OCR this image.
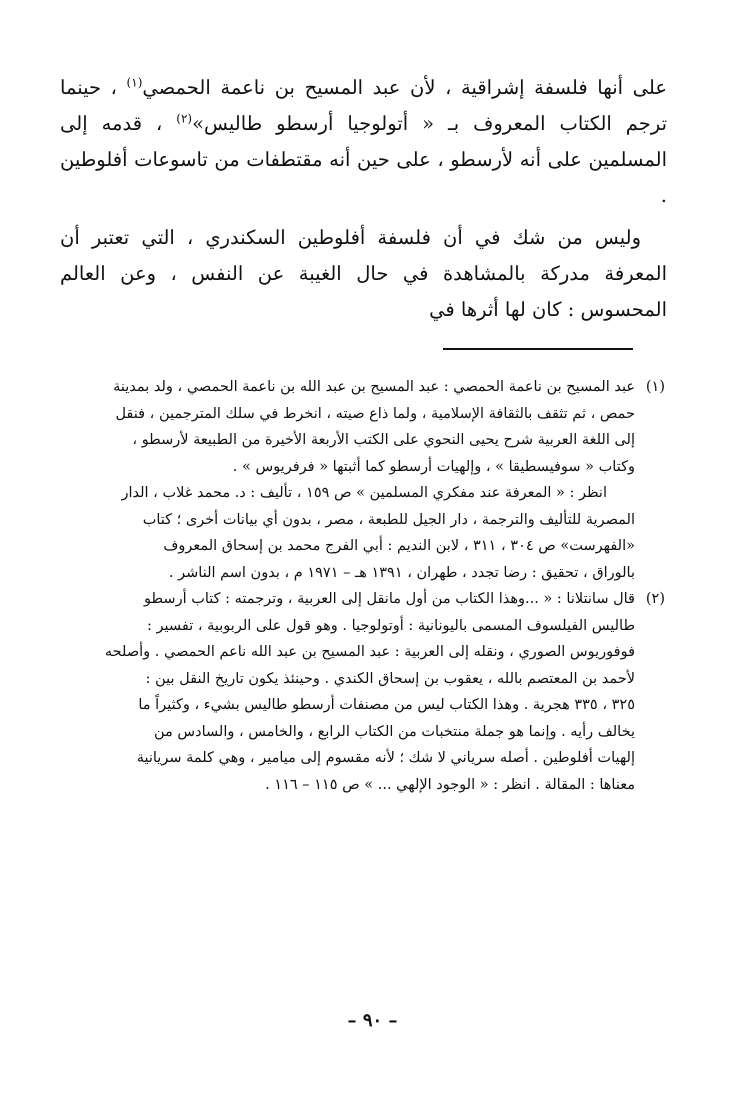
على أنها فلسفة إشراقية ، لأن عبد المسيح بن ناعمة الحمصي$^{(١)}$ ، حينما ترجم الكتاب المعروف بـ « أتولوجيا أرسطو طاليس»$^{(٢)}$ ، قدمه إلى المسلمين على أنه لأرسطو ، على حين أنه مقتطفات من تاسوعات أفلوطين .

وليس من شك في أن فلسفة أفلوطين السكندري ، التي تعتبر أن المعرفة مدركة بالمشاهدة في حال الغيبة عن النفس ، وعن العالم المحسوس : كان لها أثرها في

(١)
عبد المسيح بن ناعمة الحمصي : عبد المسيح بن عبد الله بن ناعمة الحمصي ، ولد بمدينة
حمص ، ثم تثقف بالثقافة الإسلامية ، ولما ذاع صيته ، انخرط في سلك المترجمين ، فنقل
إلى اللغة العربية شرح يحيى النحوي على الكتب الأربعة الأخيرة من الطبيعة لأرسطو ،
وكتاب « سوفيسطيقا » ، وإلهيات أرسطو كما أثبتها « فرفريوس » .
انظر : « المعرفة عند مفكري المسلمين » ص ١٥٩ ، تأليف : د. محمد غلاب ، الدار
المصرية للتأليف والترجمة ، دار الجيل للطبعة ، مصر ، بدون أي بيانات أخرى ؛ كتاب
«الفهرست» ص ٣٠٤ ، ٣١١ ، لابن النديم : أبي الفرج محمد بن إسحاق المعروف
بالوراق ، تحقيق : رضا تجدد ، طهران ، ١٣٩١ هـ – ١٩٧١ م ، بدون اسم الناشر .
(٢)
قال سانتلانا : « ...وهذا الكتاب من أول مانقل إلى العربية ، وترجمته : كتاب أرسطو
طاليس الفيلسوف المسمى باليونانية : أوتولوجيا . وهو قول على الربوبية ، تفسير :
فوفوريوس الصوري ، ونقله إلى العربية : عبد المسيح بن عبد الله ناعم الحمصي . وأصلحه
لأحمد بن المعتصم بالله ، يعقوب بن إسحاق الكندي . وحينئذ يكون تاريخ النقل بين :
٣٢٥ ، ٣٣٥ هجرية . وهذا الكتاب ليس من مصنفات أرسطو طاليس بشيء ، وكثيراً ما
يخالف رأيه . وإنما هو جملة منتخبات من الكتاب الرابع ، والخامس ، والسادس من
إلهيات أفلوطين . أصله سرياني لا شك ؛ لأنه مقسوم إلى ميامير ، وهي كلمة سريانية
معناها : المقالة . انظر : « الوجود الإلهي ... » ص ١١٥ – ١١٦ .
– ٩٠ –
